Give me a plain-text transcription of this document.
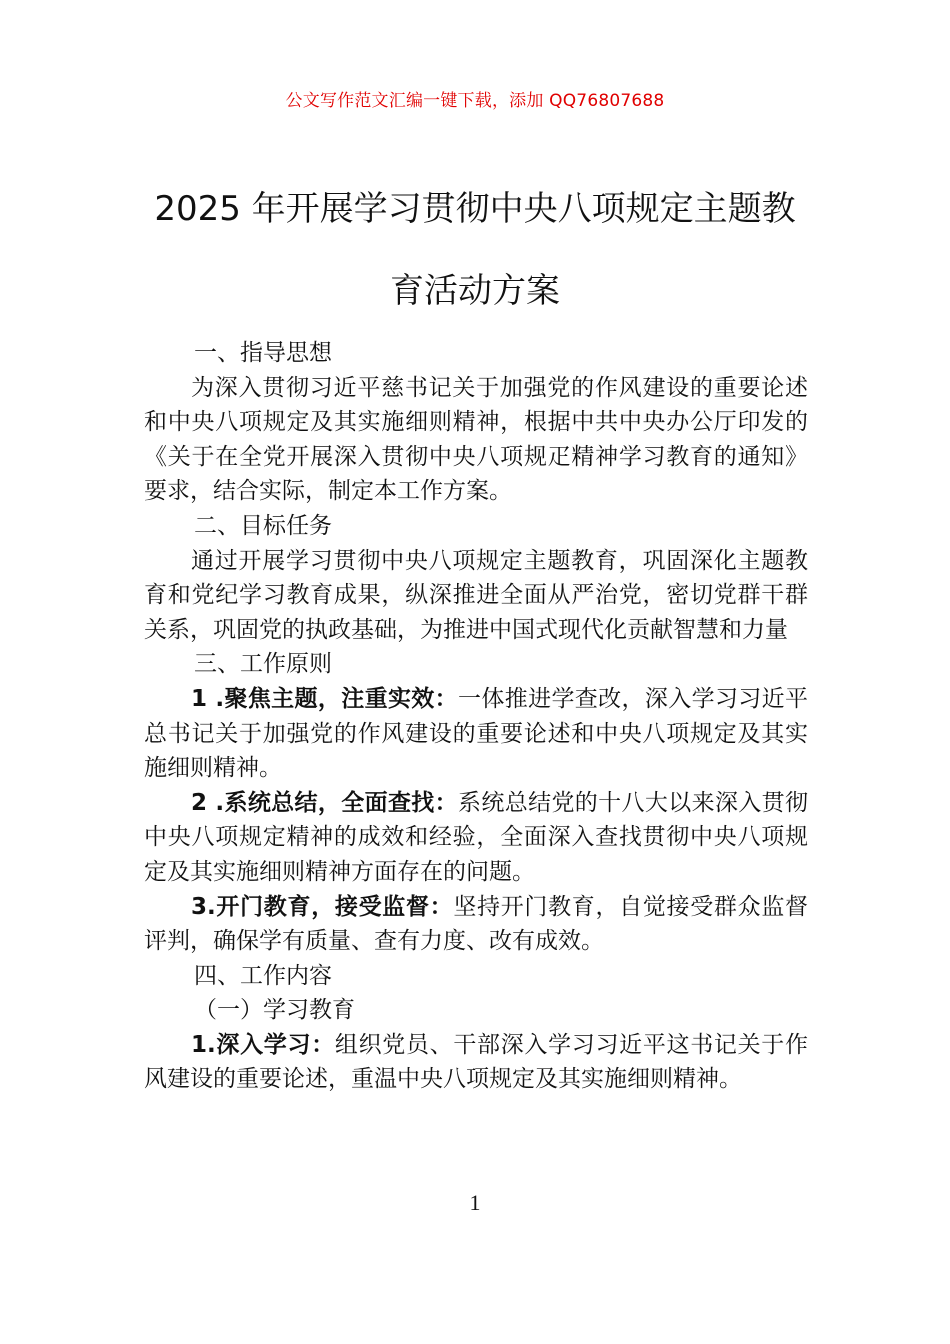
公文写作范文汇编一键下载，添加 QQ76807688
2025 年开展学习贯彻中央八项规定主题教
育活动方案
一、指导思想
为深入贯彻习近平慈书记关于加强党的作风建设的重要论述和中央八项规定及其实施细则精神，根据中共中央办公厅印发的《关于在全党开展深入贯彻中央八项规疋精神学习教育的通知》要求，结合实际，制定本工作方案。
二、目标任务
通过开展学习贯彻中央八项规定主题教育，巩固深化主题教育和党纪学习教育成果，纵深推进全面从严治党，密切党群干群关系，巩固党的执政基础，为推进中国式现代化贡献智慧和力量
三、工作原则
1 .聚焦主题，注重实效：一体推进学查改，深入学习习近平总书记关于加强党的作风建设的重要论述和中央八项规定及其实施细则精神。
2 .系统总结，全面查找：系统总结党的十八大以来深入贯彻中央八项规定精神的成效和经验，全面深入查找贯彻中央八项规定及其实施细则精神方面存在的问题。
3.开门教育，接受监督：坚持开门教育，自觉接受群众监督评判，确保学有质量、查有力度、改有成效。
四、工作内容
（一）学习教育
1.深入学习：组织党员、干部深入学习习近平这书记关于作风建设的重要论述，重温中央八项规定及其实施细则精神。
1
